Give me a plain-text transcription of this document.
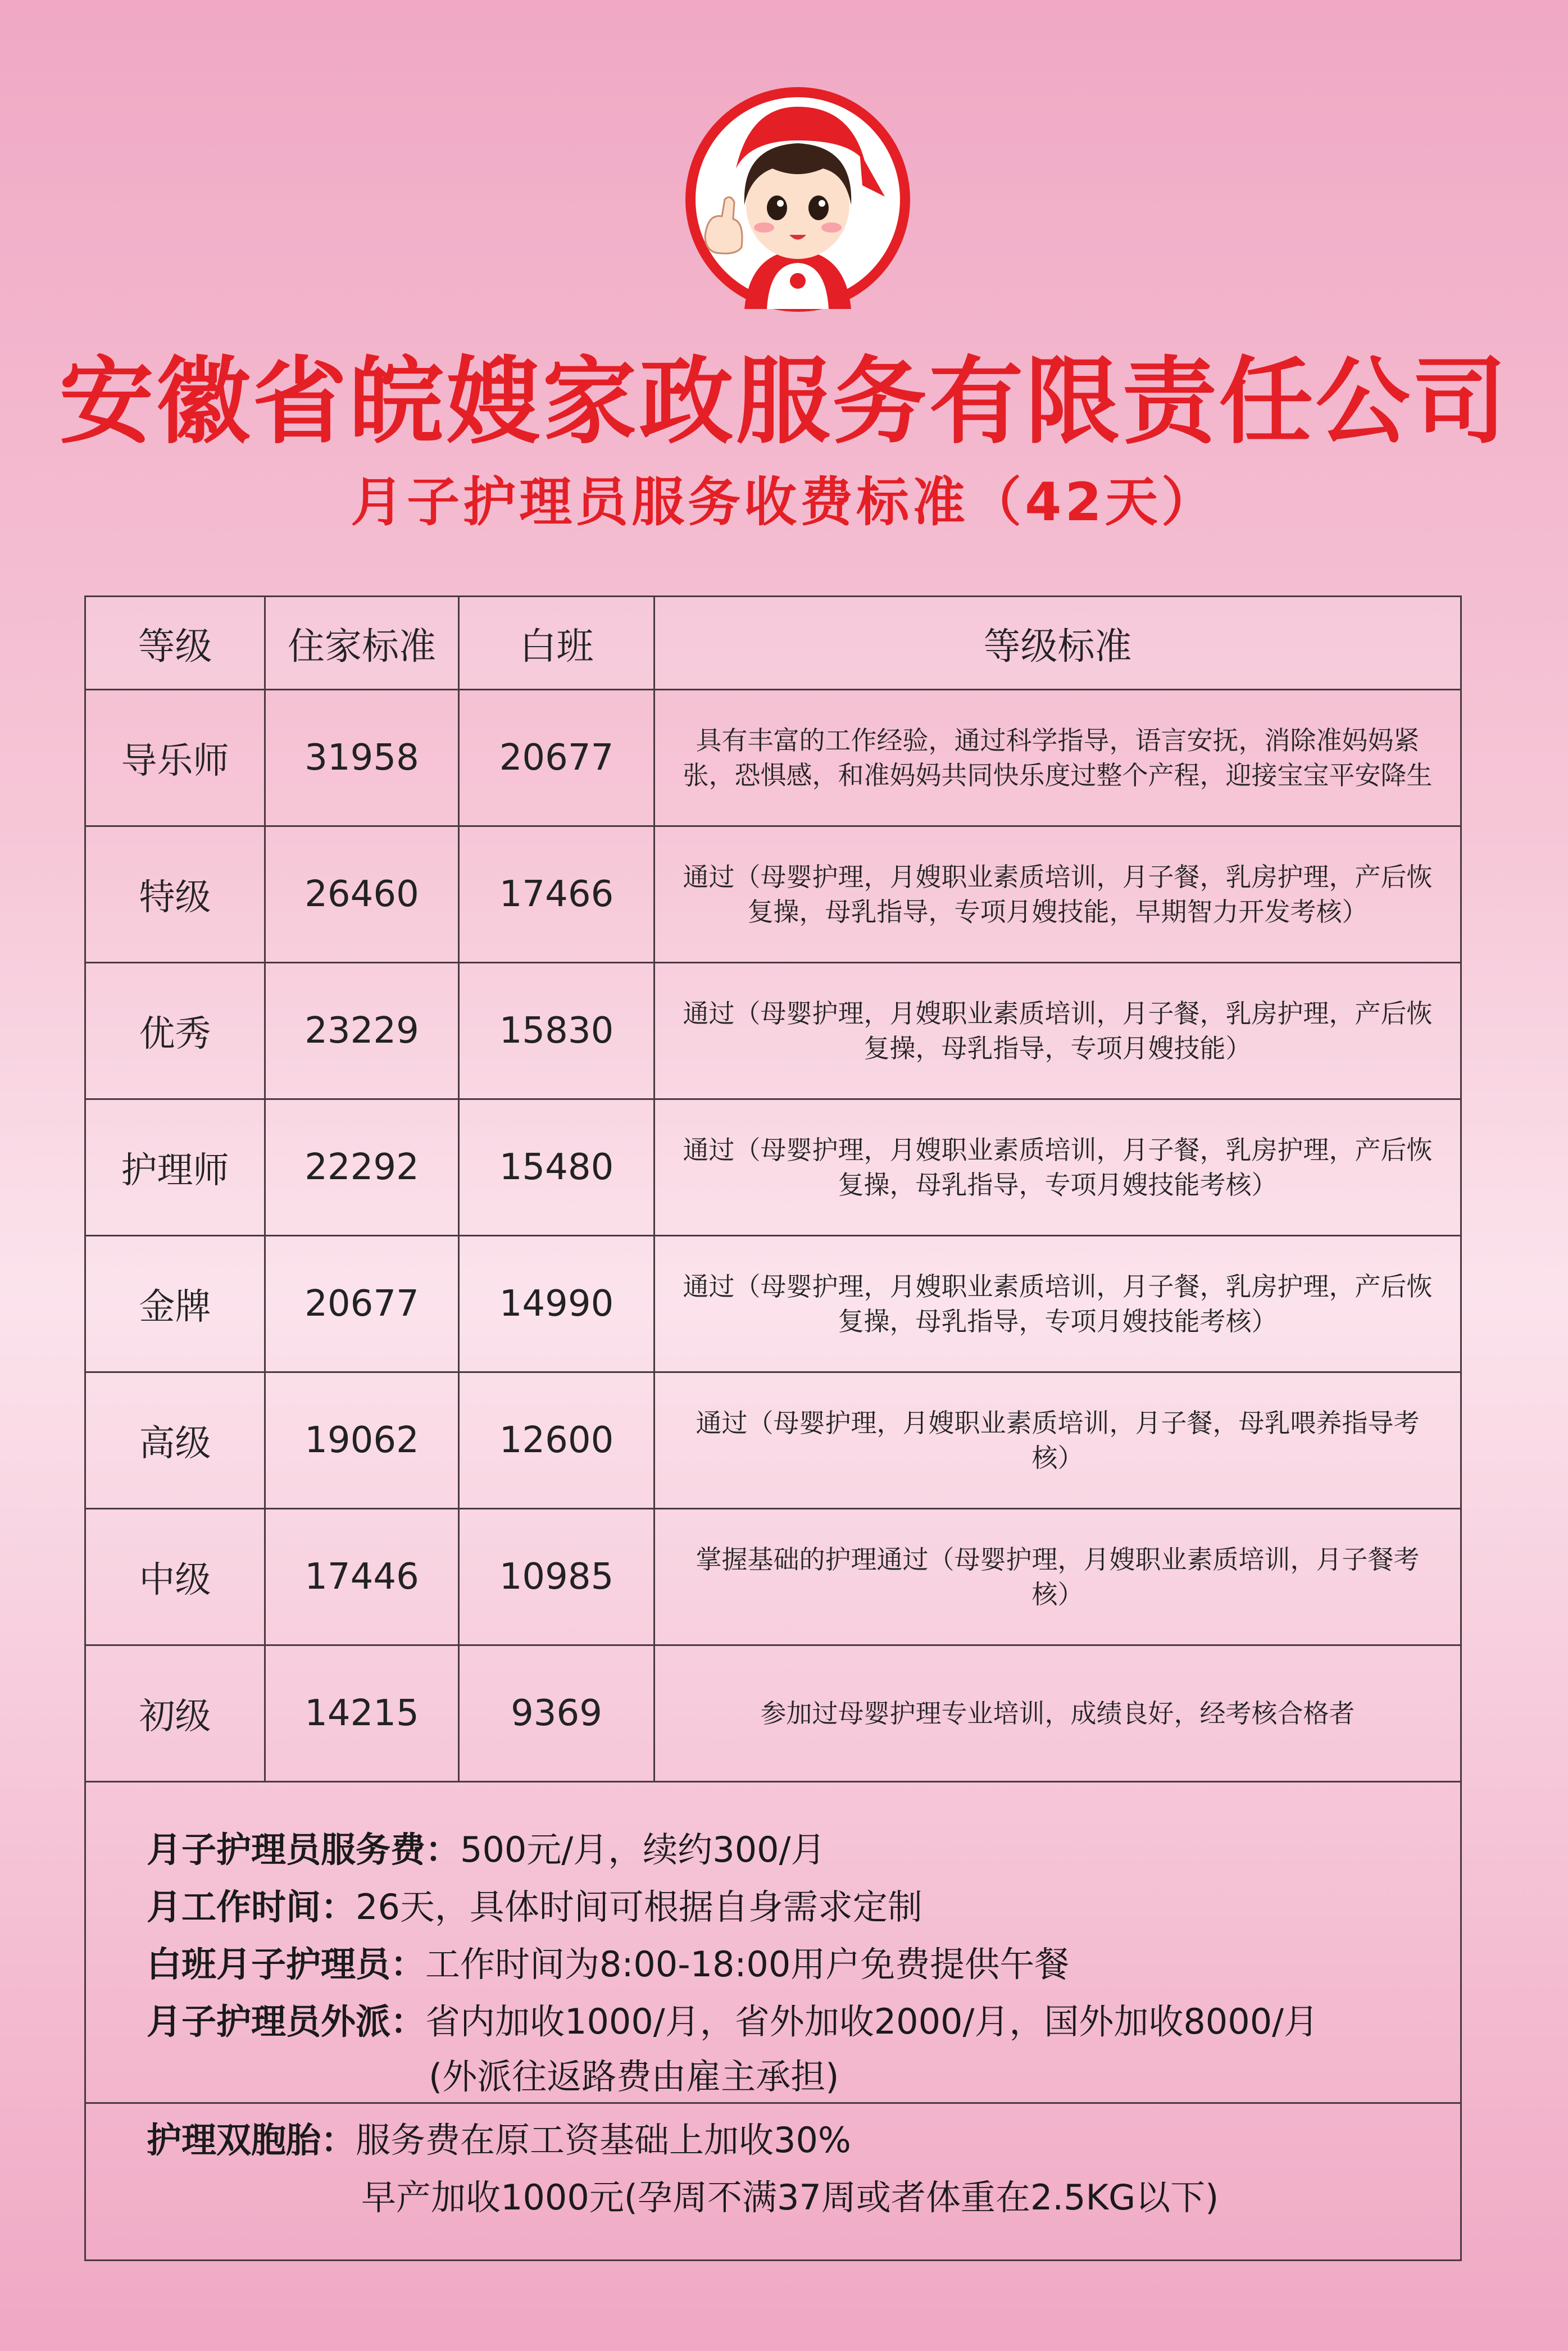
安徽省皖嫂家政服务有限责任公司
月子护理员服务收费标准（42天）
等级	住家标准	白班	等级标准
导乐师	31958	20677	具有丰富的工作经验，通过科学指导，语言安抚，消除准妈妈紧张，恐惧感，和准妈妈共同快乐度过整个产程，迎接宝宝平安降生
特级	26460	17466	通过（母婴护理，月嫂职业素质培训，月子餐，乳房护理，产后恢复操，母乳指导，专项月嫂技能，早期智力开发考核）
优秀	23229	15830	通过（母婴护理，月嫂职业素质培训，月子餐，乳房护理，产后恢复操，母乳指导，专项月嫂技能）
护理师	22292	15480	通过（母婴护理，月嫂职业素质培训，月子餐，乳房护理，产后恢复操，母乳指导，专项月嫂技能考核）
金牌	20677	14990	通过（母婴护理，月嫂职业素质培训，月子餐，乳房护理，产后恢复操，母乳指导，专项月嫂技能考核）
高级	19062	12600	通过（母婴护理，月嫂职业素质培训，月子餐，母乳喂养指导考核）
中级	17446	10985	掌握基础的护理通过（母婴护理，月嫂职业素质培训，月子餐考核）
初级	14215	9369	参加过母婴护理专业培训，成绩良好，经考核合格者
月子护理员服务费：500元/月，续约300/月
月工作时间：26天，具体时间可根据自身需求定制
白班月子护理员：工作时间为8:00-18:00用户免费提供午餐
月子护理员外派：省内加收1000/月，省外加收2000/月，国外加收8000/月
(外派往返路费由雇主承担)
护理双胞胎：服务费在原工资基础上加收30%
早产加收1000元(孕周不满37周或者体重在2.5KG以下)
